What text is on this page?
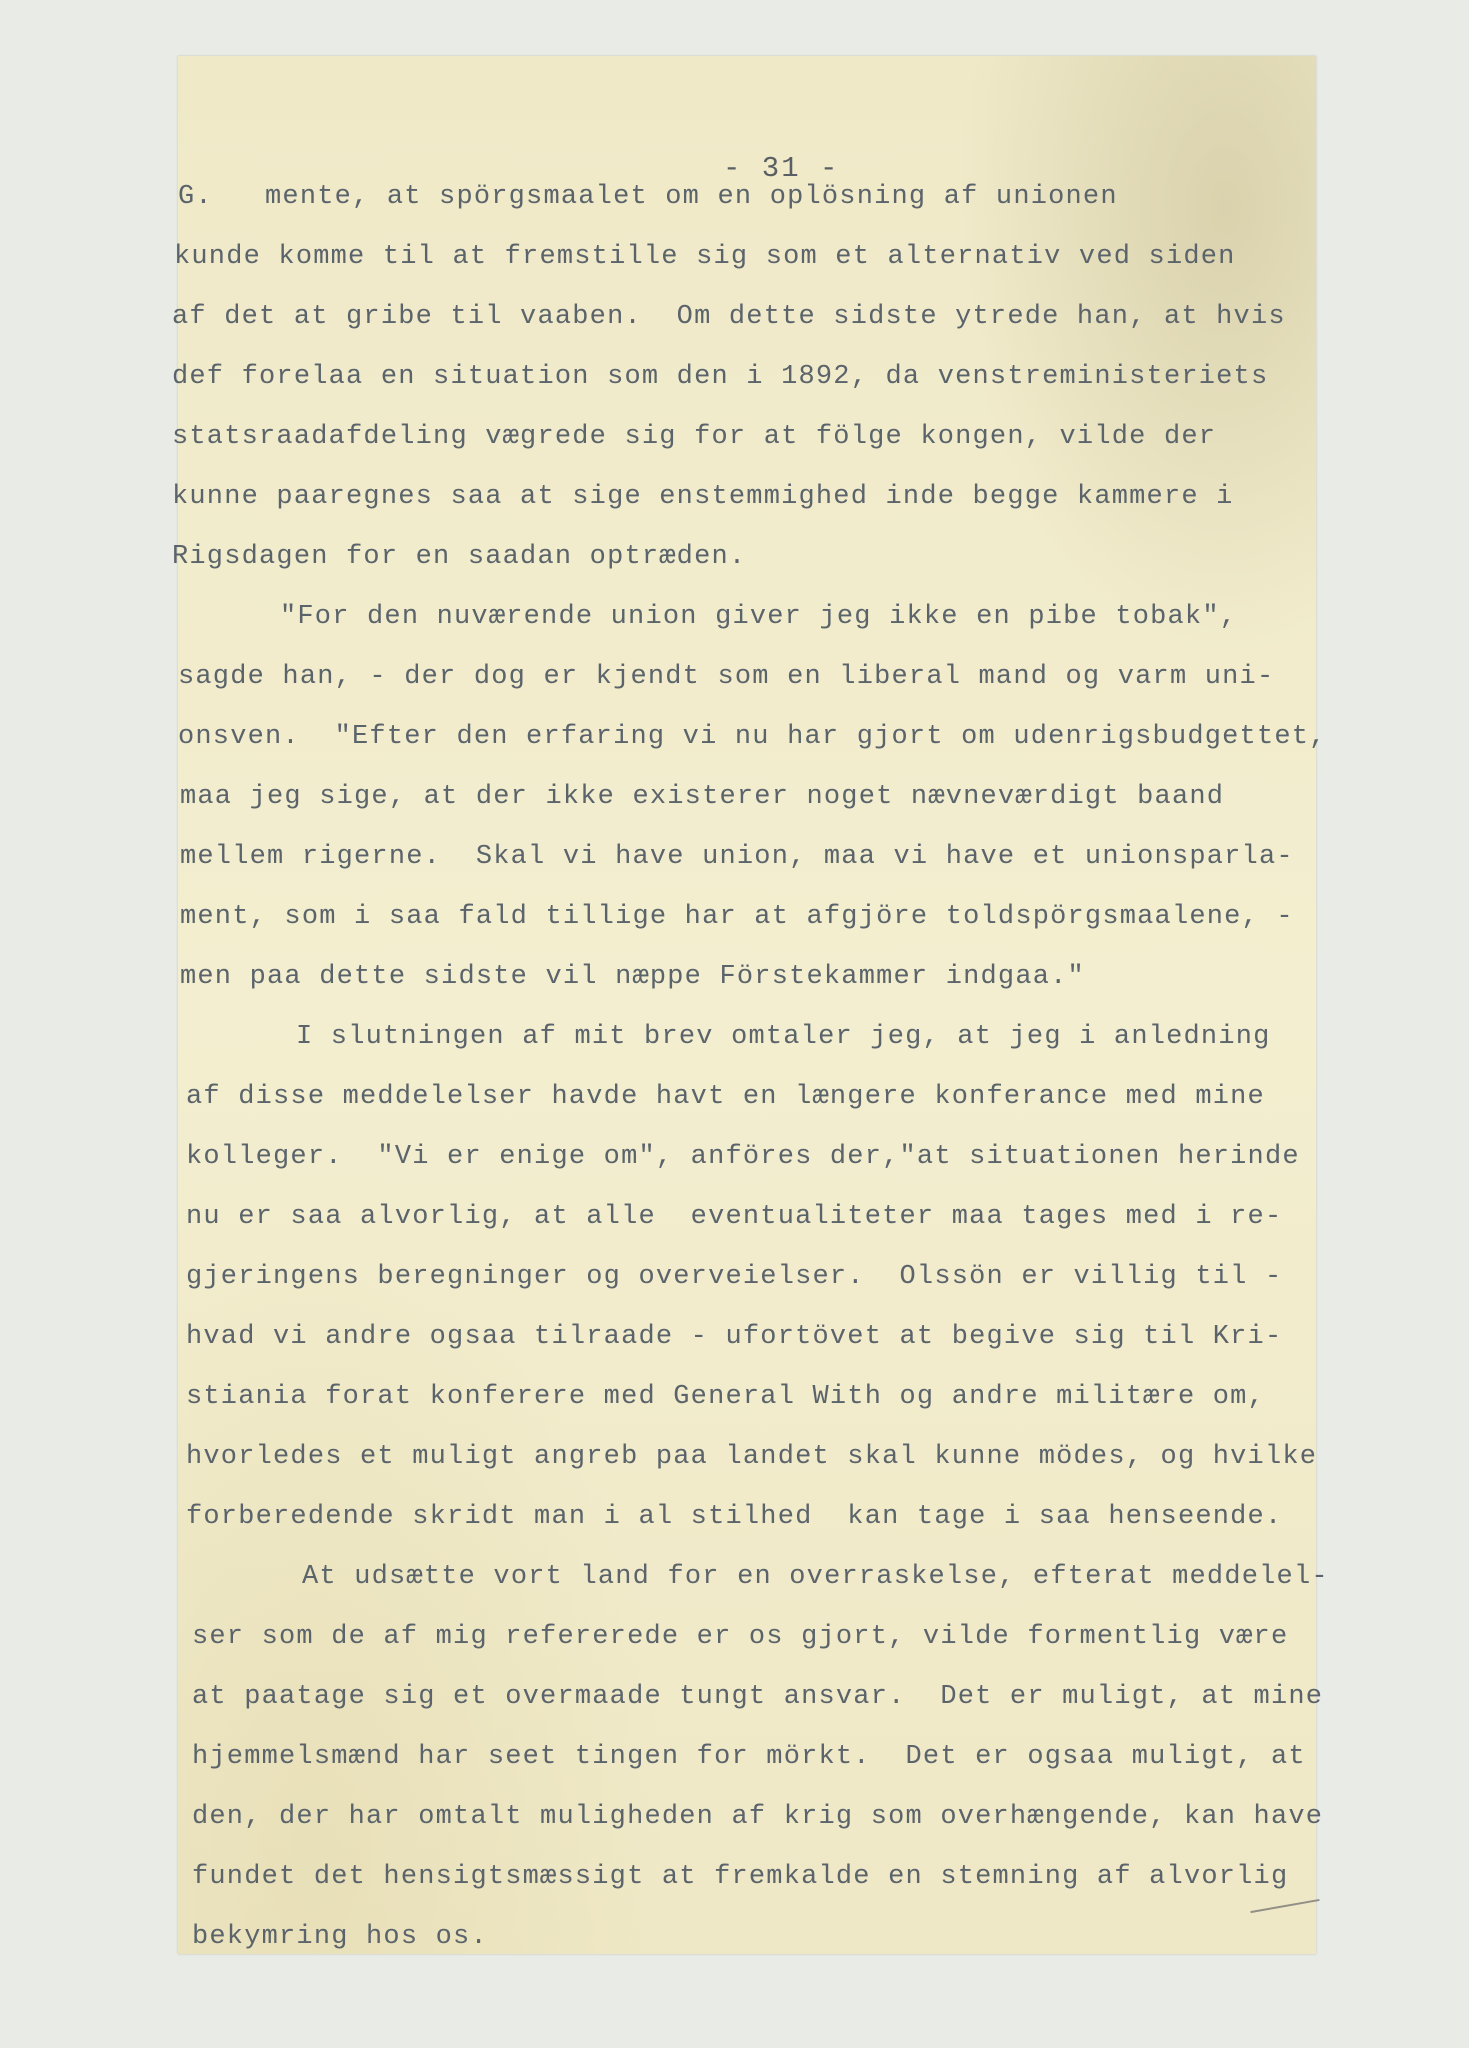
- 31 -
G.   mente, at spörgsmaalet om en oplösning af unionen
kunde komme til at fremstille sig som et alternativ ved siden
af det at gribe til vaaben.  Om dette sidste ytrede han, at hvis
def forelaa en situation som den i 1892, da venstreministeriets
statsraadafdeling vægrede sig for at fölge kongen, vilde der
kunne paaregnes saa at sige enstemmighed inde begge kammere i
Rigsdagen for en saadan optræden.
"For den nuværende union giver jeg ikke en pibe tobak",
sagde han, - der dog er kjendt som en liberal mand og varm uni-
onsven.  "Efter den erfaring vi nu har gjort om udenrigsbudgettet,
maa jeg sige, at der ikke existerer noget nævneværdigt baand
mellem rigerne.  Skal vi have union, maa vi have et unionsparla-
ment, som i saa fald tillige har at afgjöre toldspörgsmaalene, -
men paa dette sidste vil næppe Förstekammer indgaa."
I slutningen af mit brev omtaler jeg, at jeg i anledning
af disse meddelelser havde havt en længere konferance med mine
kolleger.  "Vi er enige om", anföres der,"at situationen herinde
nu er saa alvorlig, at alle  eventualiteter maa tages med i re-
gjeringens beregninger og overveielser.  Olssön er villig til -
hvad vi andre ogsaa tilraade - ufortövet at begive sig til Kri-
stiania forat konferere med General With og andre militære om,
hvorledes et muligt angreb paa landet skal kunne mödes, og hvilke
forberedende skridt man i al stilhed  kan tage i saa henseende.
At udsætte vort land for en overraskelse, efterat meddelel-
ser som de af mig refererede er os gjort, vilde formentlig være
at paatage sig et overmaade tungt ansvar.  Det er muligt, at mine
hjemmelsmænd har seet tingen for mörkt.  Det er ogsaa muligt, at
den, der har omtalt muligheden af krig som overhængende, kan have
fundet det hensigtsmæssigt at fremkalde en stemning af alvorlig
bekymring hos os.
